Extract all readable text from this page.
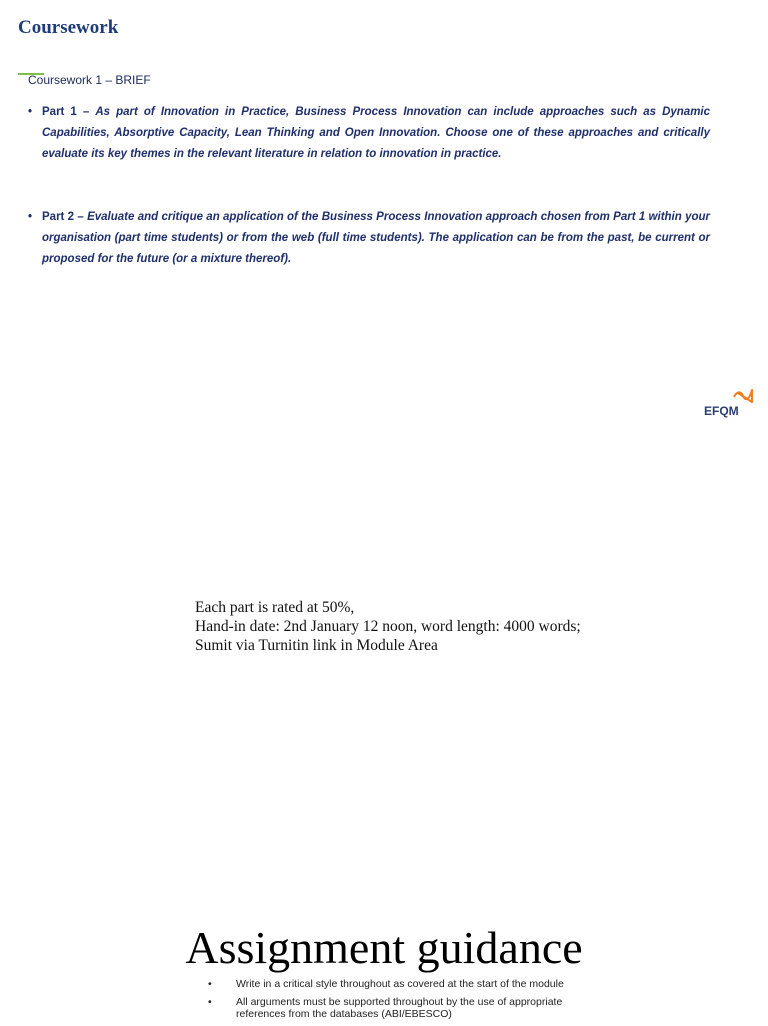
Coursework
Coursework 1 – BRIEF
• Part 1 – As part of Innovation in Practice, Business Process Innovation can include approaches such as Dynamic Capabilities, Absorptive Capacity, Lean Thinking and Open Innovation. Choose one of these approaches and critically evaluate its key themes in the relevant literature in relation to innovation in practice.
• Part 2 – Evaluate and critique an application of the Business Process Innovation approach chosen from Part 1 within your organisation (part time students) or from the web (full time students). The application can be from the past, be current or proposed for the future (or a mixture thereof).
EFQM
Each part is rated at 50%,
Hand-in date: 2nd January 12 noon, word length: 4000 words;
Sumit via Turnitin link in Module Area
Assignment guidance
• Write in a critical style throughout as covered at the start of the module
• All arguments must be supported throughout by the use of appropriate references from the databases (ABI/EBESCO)
